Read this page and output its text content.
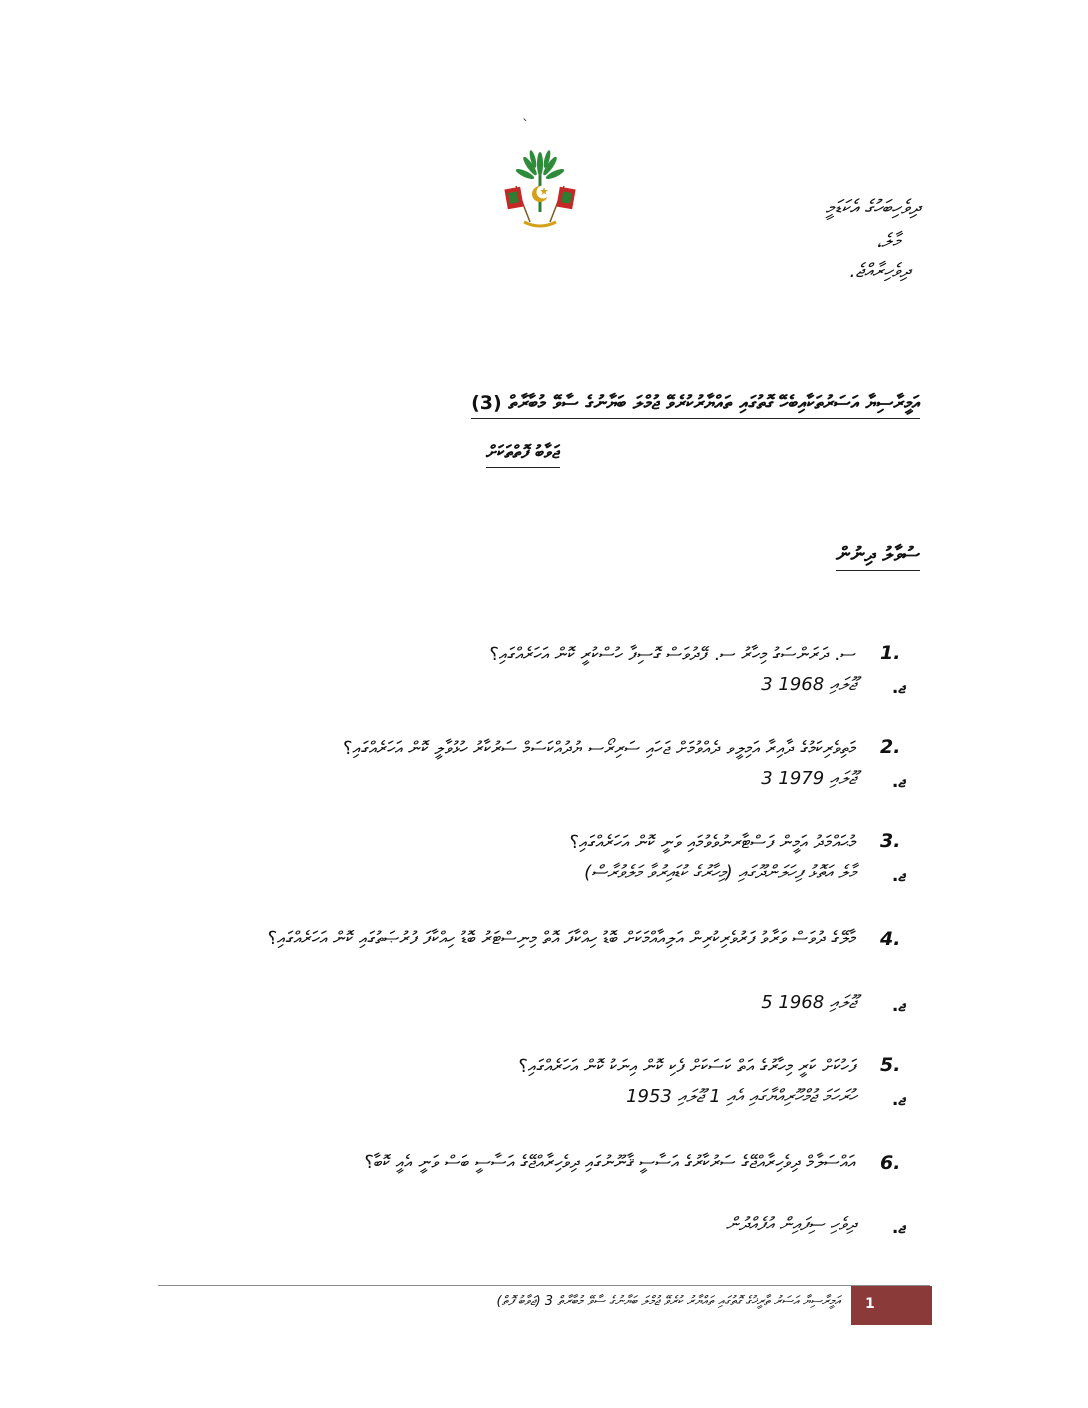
`
ދިވެހިބަހުގެ އެކަޑަމީ
މާލެ،
ދިވެހިރާއްޖެ.
އަމީރާސިޔާ އަސަރުތަކާއިބެހޭ ގޮތުގައި ތައްޔާރުކުރެވޭ ޖުމްލަ ބަޔާނުގެ ސާވޭ މުބާރާތް (3)
ޖަވާބު ފޮތްތަކަށް
ސުވާލު ދިނުން
1.
ސ. ދަރަންސަގު މިހާރު ސ. ފޭދުވަސް ގޮސިފާ ހުސްކުރީ ކޮން އަހަރެއްގައި؟
ޖ.
3 ޖޫލައި 1968
2.
މަތިވެރިކަމުގެ ދާއިރާ އަމިލީވ ދެއްވުމަށް ޖަހައި ސަރިރޯސ ޔުދުއްކަސަމް ސަރުކާރު ހުޅުވާލީ ކޮން އަހަރެއްގައި؟
ޖ.
3 ޖޫލައި 1979
3.
މުޙައްމަދު އަމީން ފަސްޓާރނުވެވުމައި ވަނީ ކޮން އަހަރެއްގައި؟
ޖ.
މާލެ އަތޮޅު ފިހަލަންދޫގައި (މިހާރުގެ ކުޑައިރުވާ މަލެވުރާސް)
4.
މާލޭގެ ދުވަސް ވަރާވު ފަރުވެރިކުރިން އަލިއާއްމަކަށް ބޮޑު ހިއްކާފަ އޮތް މިނިސްޓަރު ބޮޑު ހިއްކާފަ ފުރުޞަތުގައި ކޮން އަހަރެއްގައި؟
ޖ.
5 ޖޫލައި 1968
5.
ފަހުކަށް ކަރީ މިހާރުގެ އަތް ކަސަކަށް ފެކި ކޮން އިނަކު ކޮން އަހަރެއްގައި؟
ޖ.
ހުރަހަމަ ޖުމްހޫރިއްޔާގައި އެއި 1 ޖޫލައި 1953
6.
އައްސަލާމް ދިވެހިރާއްޖޭގެ ސަރުކާރުގެ އަސާސީ ޤާނޫނުގައި ދިވެހިރާއްޖޭގެ އަސާސީ ބަސް ވަނީ އެއީ ކޮބާ؟
ޖ.
ދިވެހި ސިފައިން އުފެއްދުން
އަމީރާސިޔާ އަސަރު ތާރީޚުގެ ގޮތުގައި ތައްޔާރު ކުރެވޭ ޖުމްލަ ބަޔާނުގެ ސާވޭ މުބާރާތް 3 (ޖަވާބު ފޮތް) 1
